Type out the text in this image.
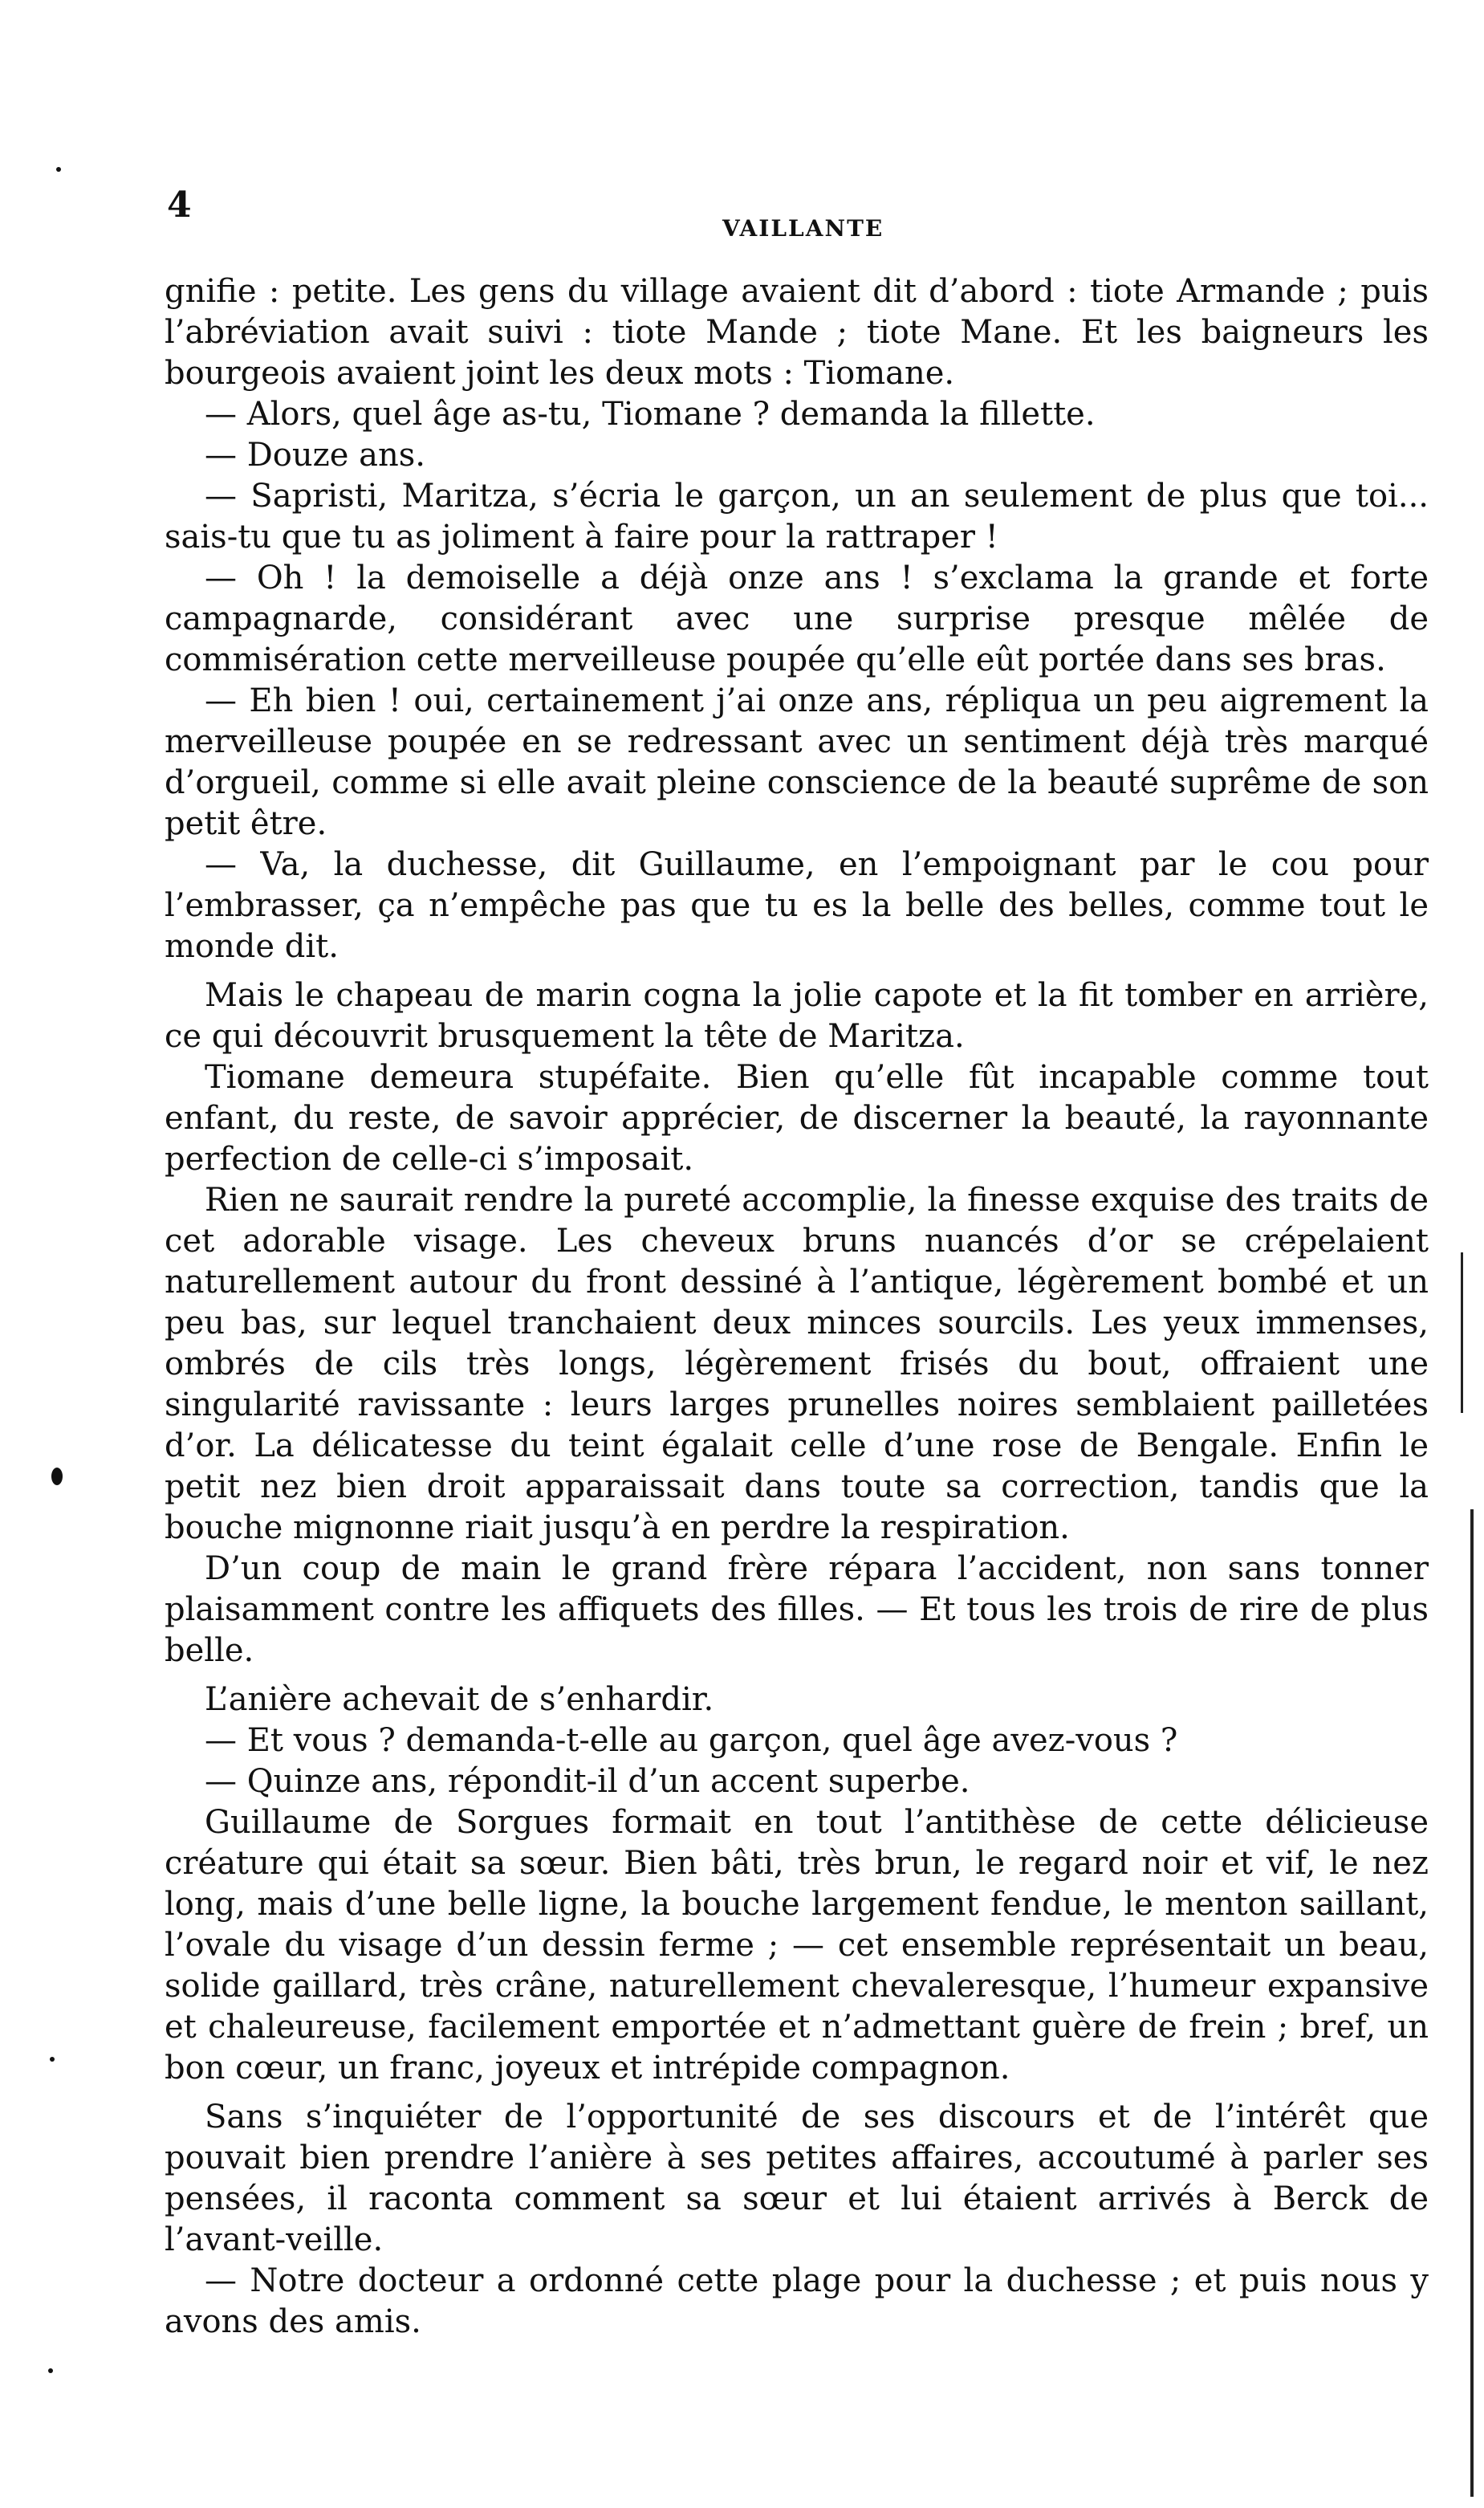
4
VAILLANTE

gnifie : petite. Les gens du village avaient dit d’abord : tiote Armande ; puis l’abréviation avait suivi : tiote Mande ; tiote Mane. Et les baigneurs les bourgeois avaient joint les deux mots : Tiomane.

— Alors, quel âge as-tu, Tiomane ? demanda la fillette.

— Douze ans.

— Sapristi, Maritza, s’écria le garçon, un an seulement de plus que toi... sais-tu que tu as joliment à faire pour la rattraper !

— Oh ! la demoiselle a déjà onze ans ! s’exclama la grande et forte campagnarde, considérant avec une surprise presque mêlée de commisération cette merveilleuse poupée qu’elle eût portée dans ses bras.

— Eh bien ! oui, certainement j’ai onze ans, répliqua un peu aigrement la merveilleuse poupée en se redressant avec un sentiment déjà très marqué d’orgueil, comme si elle avait pleine conscience de la beauté suprême de son petit être.

— Va, la duchesse, dit Guillaume, en l’empoignant par le cou pour l’embrasser, ça n’empêche pas que tu es la belle des belles, comme tout le monde dit.

Mais le chapeau de marin cogna la jolie capote et la fit tomber en arrière, ce qui découvrit brusquement la tête de Maritza.

Tiomane demeura stupéfaite. Bien qu’elle fût incapable comme tout enfant, du reste, de savoir apprécier, de discerner la beauté, la rayonnante perfection de celle-ci s’imposait.

Rien ne saurait rendre la pureté accomplie, la finesse exquise des traits de cet adorable visage. Les cheveux bruns nuancés d’or se crépelaient naturellement autour du front dessiné à l’antique, légèrement bombé et un peu bas, sur lequel tranchaient deux minces sourcils. Les yeux immenses, ombrés de cils très longs, légèrement frisés du bout, offraient une singularité ravissante : leurs larges prunelles noires semblaient pailletées d’or. La délicatesse du teint égalait celle d’une rose de Bengale. Enfin le petit nez bien droit apparaissait dans toute sa correction, tandis que la bouche mignonne riait jusqu’à en perdre la respiration.

D’un coup de main le grand frère répara l’accident, non sans tonner plaisamment contre les affiquets des filles. — Et tous les trois de rire de plus belle.

L’anière achevait de s’enhardir.

— Et vous ? demanda-t-elle au garçon, quel âge avez-vous ?

— Quinze ans, répondit-il d’un accent superbe.

Guillaume de Sorgues formait en tout l’antithèse de cette délicieuse créature qui était sa sœur. Bien bâti, très brun, le regard noir et vif, le nez long, mais d’une belle ligne, la bouche largement fendue, le menton saillant, l’ovale du visage d’un dessin ferme ; — cet ensemble représentait un beau, solide gaillard, très crâne, naturellement chevaleresque, l’humeur expansive et chaleureuse, facilement emportée et n’admettant guère de frein ; bref, un bon cœur, un franc, joyeux et intrépide compagnon.

Sans s’inquiéter de l’opportunité de ses discours et de l’intérêt que pouvait bien prendre l’anière à ses petites affaires, accoutumé à parler ses pensées, il raconta comment sa sœur et lui étaient arrivés à Berck de l’avant-veille.

— Notre docteur a ordonné cette plage pour la duchesse ; et puis nous y avons des amis.
